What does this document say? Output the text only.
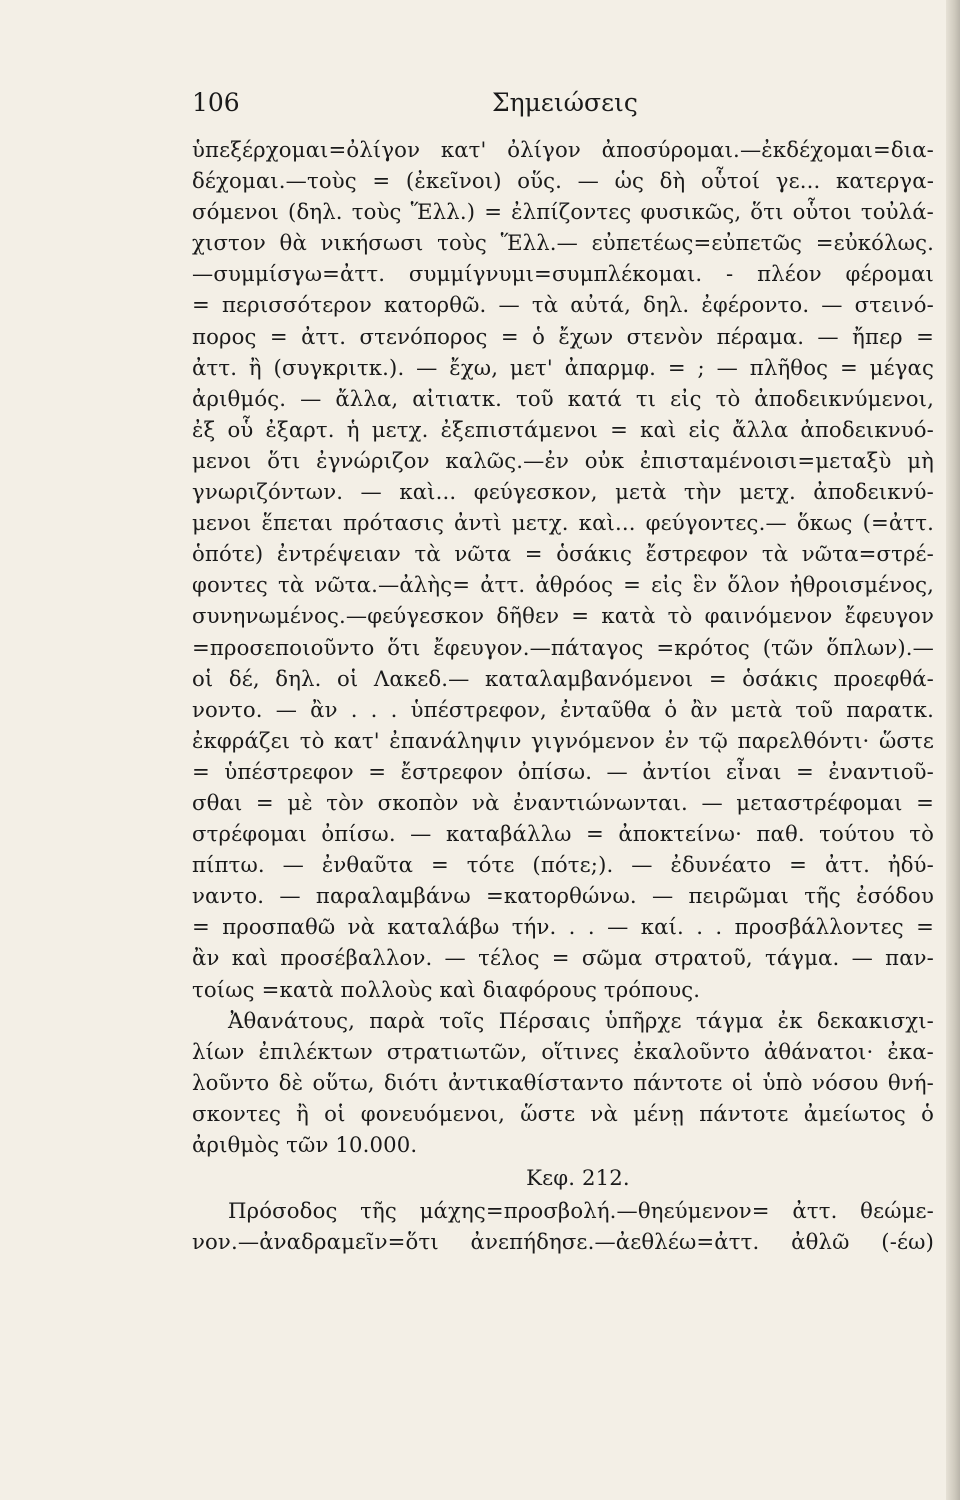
106	Σημειώσεις
ὑπεξέρχομαι=ὀλίγον κατ' ὀλίγον ἀποσύρομαι.—ἐκδέχομαι=δια-
δέχομαι.—τοὺς = (ἐκεῖνοι) οὕς. — ὡς δὴ οὗτοί γε... κατεργα-
σόμενοι (δηλ. τοὺς Ἕλλ.) = ἐλπίζοντες φυσικῶς, ὅτι οὗτοι τοὐλά-
χιστον θὰ νικήσωσι τοὺς Ἕλλ.— εὐπετέως=εὐπετῶς =εὐκόλως.
—συμμίσγω=ἀττ. συμμίγνυμι=συμπλέκομαι. - πλέον φέρομαι
= περισσότερον κατορθῶ. — τὰ αὐτά, δηλ. ἐφέροντο. — στεινό-
πορος = ἀττ. στενόπορος = ὁ ἔχων στενὸν πέραμα. — ἤπερ =
ἀττ. ἢ (συγκριτκ.). — ἔχω, μετ' ἀπαρμφ. = ; — πλῆθος = μέγας
ἀριθμός. — ἄλλα, αἰτιατκ. τοῦ κατά τι εἰς τὸ ἀποδεικνύμενοι,
ἐξ οὗ ἐξαρτ. ἡ μετχ. ἐξεπιστάμενοι = καὶ εἰς ἄλλα ἀποδεικνυό-
μενοι ὅτι ἐγνώριζον καλῶς.—ἐν οὐκ ἐπισταμένοισι=μεταξὺ μὴ
γνωριζόντων. — καὶ... φεύγεσκον, μετὰ τὴν μετχ. ἀποδεικνύ-
μενοι ἕπεται πρότασις ἀντὶ μετχ. καὶ... φεύγοντες.— ὅκως (=ἀττ.
ὁπότε) ἐντρέψειαν τὰ νῶτα = ὁσάκις ἔστρεφον τὰ νῶτα=στρέ-
φοντες τὰ νῶτα.—ἀλὴς= ἀττ. ἀθρόος = εἰς ἓν ὅλον ἠθροισμένος,
συνηνωμένος.—φεύγεσκον δῆθεν = κατὰ τὸ φαινόμενον ἔφευγον
=προσεποιοῦντο ὅτι ἔφευγον.—πάταγος =κρότος (τῶν ὅπλων).—
οἱ δέ, δηλ. οἱ Λακεδ.— καταλαμβανόμενοι = ὁσάκις προεφθά-
νοντο. — ἂν . . . ὑπέστρεφον, ἐνταῦθα ὁ ἂν μετὰ τοῦ παρατκ.
ἐκφράζει τὸ κατ' ἐπανάληψιν γιγνόμενον ἐν τῷ παρελθόντι· ὥστε
= ὑπέστρεφον = ἔστρεφον ὀπίσω. — ἀντίοι εἶναι = ἐναντιοῦ-
σθαι = μὲ τὸν σκοπὸν νὰ ἐναντιώνωνται. — μεταστρέφομαι =
στρέφομαι ὀπίσω. — καταβάλλω = ἀποκτείνω· παθ. τούτου τὸ
πίπτω. — ἐνθαῦτα = τότε (πότε;). — ἐδυνέατο = ἀττ. ἠδύ-
ναντο. — παραλαμβάνω =κατορθώνω. — πειρῶμαι τῆς ἐσόδου
= προσπαθῶ νὰ καταλάβω τήν. . . — καί. . . προσβάλλοντες =
ἂν καὶ προσέβαλλον. — τέλος = σῶμα στρατοῦ, τάγμα. — παν-
τοίως =κατὰ πολλοὺς καὶ διαφόρους τρόπους.
Ἀθανάτους, παρὰ τοῖς Πέρσαις ὑπῆρχε τάγμα ἐκ δεκακισχι-
λίων ἐπιλέκτων στρατιωτῶν, οἵτινες ἐκαλοῦντο ἀθάνατοι· ἐκα-
λοῦντο δὲ οὕτω, διότι ἀντικαθίσταντο πάντοτε οἱ ὑπὸ νόσου θνή-
σκοντες ἢ οἱ φονευόμενοι, ὥστε νὰ μένῃ πάντοτε ἀμείωτος ὁ
ἀριθμὸς τῶν 10.000.
Κεφ. 212.
Πρόσοδος τῆς μάχης=προσβολή.—θηεύμενον= ἀττ. θεώμε-
νον.—ἀναδραμεῖν=ὅτι ἀνεπήδησε.—ἀεθλέω=ἀττ. ἀθλῶ (-έω)
